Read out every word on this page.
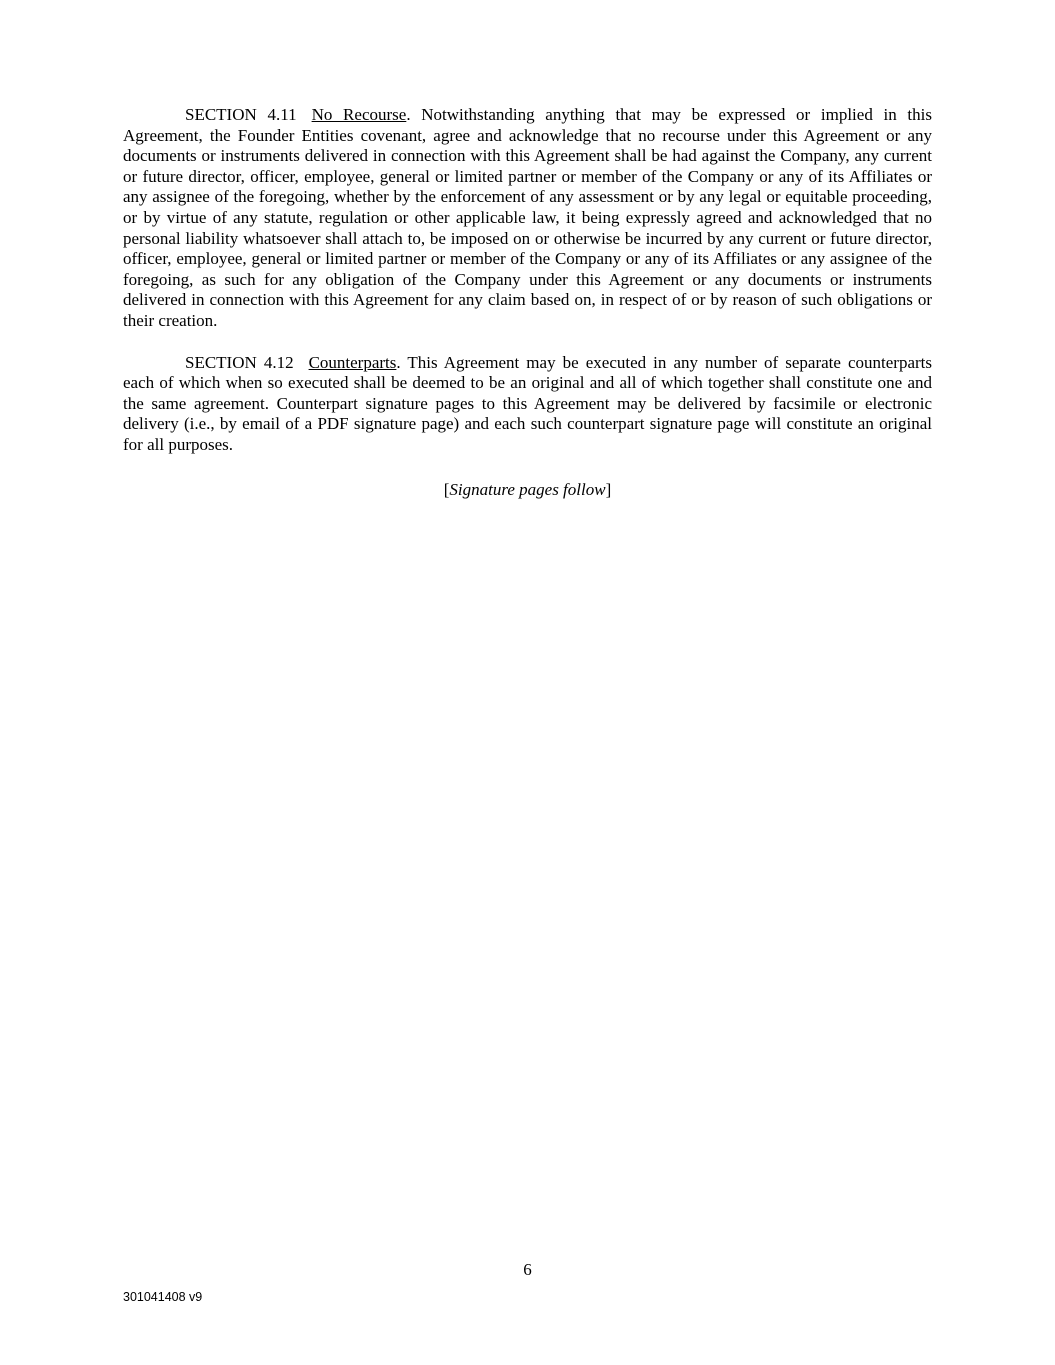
SECTION 4.11 No Recourse. Notwithstanding anything that may be expressed or implied in this Agreement, the Founder Entities covenant, agree and acknowledge that no recourse under this Agreement or any documents or instruments delivered in connection with this Agreement shall be had against the Company, any current or future director, officer, employee, general or limited partner or member of the Company or any of its Affiliates or any assignee of the foregoing, whether by the enforcement of any assessment or by any legal or equitable proceeding, or by virtue of any statute, regulation or other applicable law, it being expressly agreed and acknowledged that no personal liability whatsoever shall attach to, be imposed on or otherwise be incurred by any current or future director, officer, employee, general or limited partner or member of the Company or any of its Affiliates or any assignee of the foregoing, as such for any obligation of the Company under this Agreement or any documents or instruments delivered in connection with this Agreement for any claim based on, in respect of or by reason of such obligations or their creation.

SECTION 4.12 Counterparts. This Agreement may be executed in any number of separate counterparts each of which when so executed shall be deemed to be an original and all of which together shall constitute one and the same agreement. Counterpart signature pages to this Agreement may be delivered by facsimile or electronic delivery (i.e., by email of a PDF signature page) and each such counterpart signature page will constitute an original for all purposes.

[Signature pages follow]

6
301041408 v9
